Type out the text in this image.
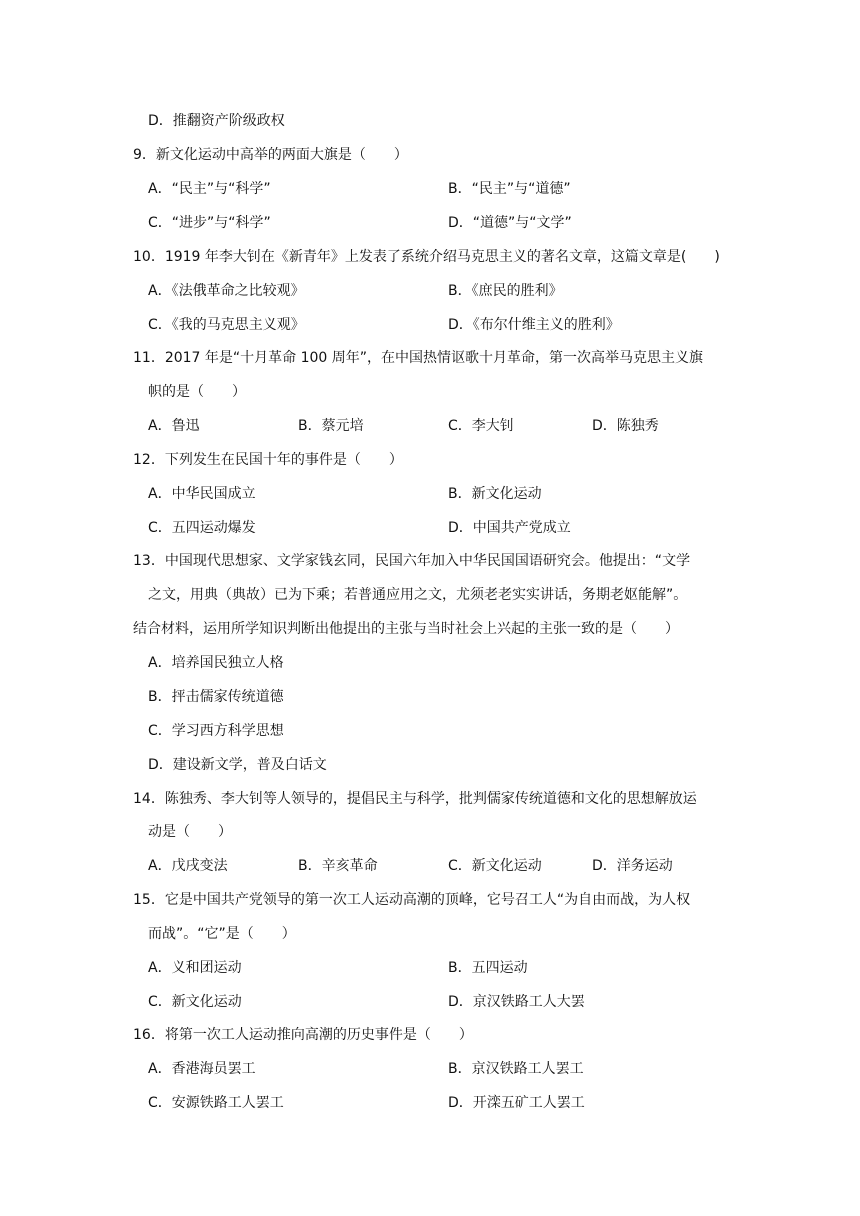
D．推翻资产阶级政权
9．新文化运动中高举的两面大旗是（　　）
A．“民主”与“科学”	B．“民主”与“道德”
C．“进步”与“科学”	D．“道德”与“文学”
10．1919 年李大钊在《新青年》上发表了系统介绍马克思主义的著名文章，这篇文章是(　　)
A．《法俄革命之比较观》	B．《庶民的胜利》
C．《我的马克思主义观》	D．《布尔什维主义的胜利》
11．2017 年是“十月革命 100 周年”，在中国热情讴歌十月革命，第一次高举马克思主义旗
帜的是（　　）
A．鲁迅	B．蔡元培	C．李大钊	D．陈独秀
12．下列发生在民国十年的事件是（　　）
A．中华民国成立	B．新文化运动
C．五四运动爆发	D．中国共产党成立
13．中国现代思想家、文学家钱玄同，民国六年加入中华民国国语研究会。他提出：“文学
之文，用典（典故）已为下乘；若普通应用之文，尤须老老实实讲话，务期老妪能解”。
结合材料，运用所学知识判断出他提出的主张与当时社会上兴起的主张一致的是（　　）
A．培养国民独立人格
B．抨击儒家传统道德
C．学习西方科学思想
D．建设新文学，普及白话文
14．陈独秀、李大钊等人领导的，提倡民主与科学，批判儒家传统道德和文化的思想解放运
动是（　　）
A．戊戌变法	B．辛亥革命	C．新文化运动	D．洋务运动
15．它是中国共产党领导的第一次工人运动高潮的顶峰，它号召工人“为自由而战，为人权
而战”。“它”是（　　）
A．义和团运动	B．五四运动
C．新文化运动	D．京汉铁路工人大罢
16．将第一次工人运动推向高潮的历史事件是（　　）
A．香港海员罢工	B．京汉铁路工人罢工
C．安源铁路工人罢工	D．开滦五矿工人罢工
